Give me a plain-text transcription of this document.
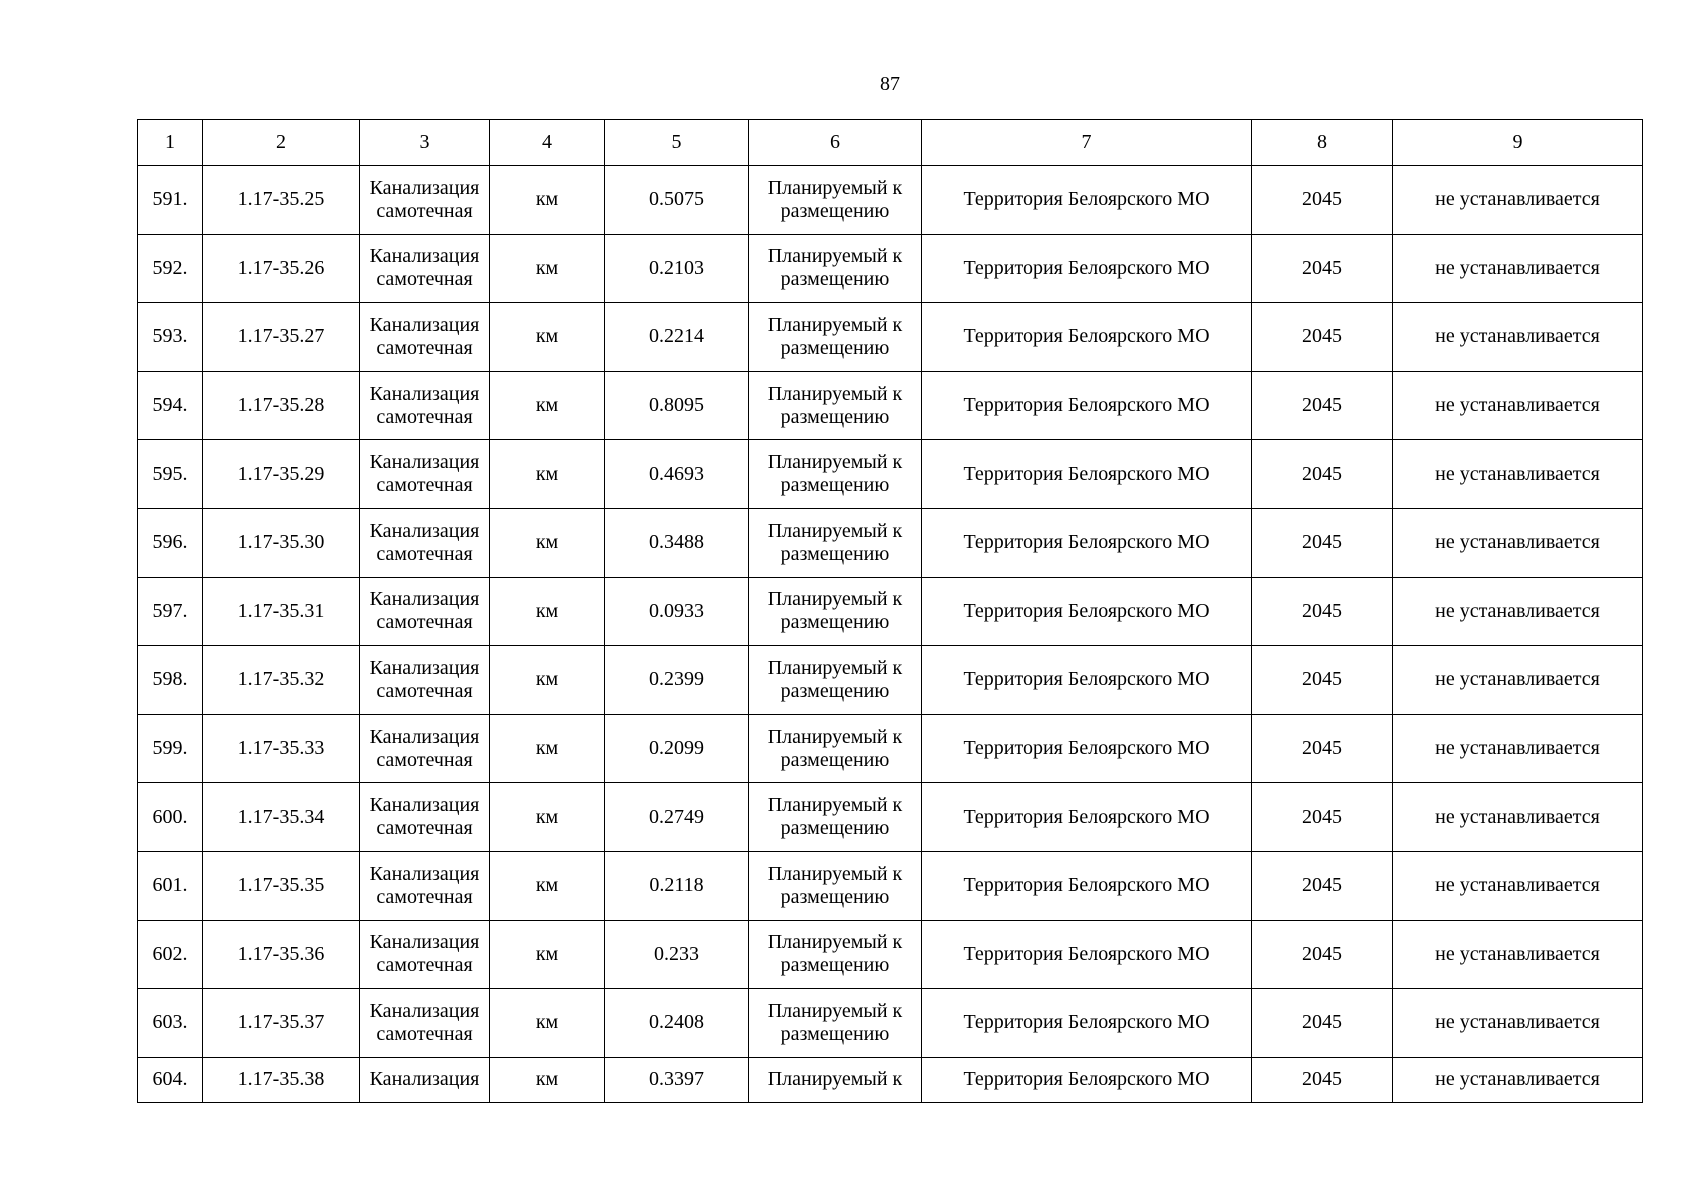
87
1	2	3	4	5	6	7	8	9
591.	1.17-35.25	Канализация самотечная	км	0.5075	Планируемый к размещению	Территория Белоярского МО	2045	не устанавливается
592.	1.17-35.26	Канализация самотечная	км	0.2103	Планируемый к размещению	Территория Белоярского МО	2045	не устанавливается
593.	1.17-35.27	Канализация самотечная	км	0.2214	Планируемый к размещению	Территория Белоярского МО	2045	не устанавливается
594.	1.17-35.28	Канализация самотечная	км	0.8095	Планируемый к размещению	Территория Белоярского МО	2045	не устанавливается
595.	1.17-35.29	Канализация самотечная	км	0.4693	Планируемый к размещению	Территория Белоярского МО	2045	не устанавливается
596.	1.17-35.30	Канализация самотечная	км	0.3488	Планируемый к размещению	Территория Белоярского МО	2045	не устанавливается
597.	1.17-35.31	Канализация самотечная	км	0.0933	Планируемый к размещению	Территория Белоярского МО	2045	не устанавливается
598.	1.17-35.32	Канализация самотечная	км	0.2399	Планируемый к размещению	Территория Белоярского МО	2045	не устанавливается
599.	1.17-35.33	Канализация самотечная	км	0.2099	Планируемый к размещению	Территория Белоярского МО	2045	не устанавливается
600.	1.17-35.34	Канализация самотечная	км	0.2749	Планируемый к размещению	Территория Белоярского МО	2045	не устанавливается
601.	1.17-35.35	Канализация самотечная	км	0.2118	Планируемый к размещению	Территория Белоярского МО	2045	не устанавливается
602.	1.17-35.36	Канализация самотечная	км	0.233	Планируемый к размещению	Территория Белоярского МО	2045	не устанавливается
603.	1.17-35.37	Канализация самотечная	км	0.2408	Планируемый к размещению	Территория Белоярского МО	2045	не устанавливается
604.	1.17-35.38	Канализация	км	0.3397	Планируемый к	Территория Белоярского МО	2045	не устанавливается
